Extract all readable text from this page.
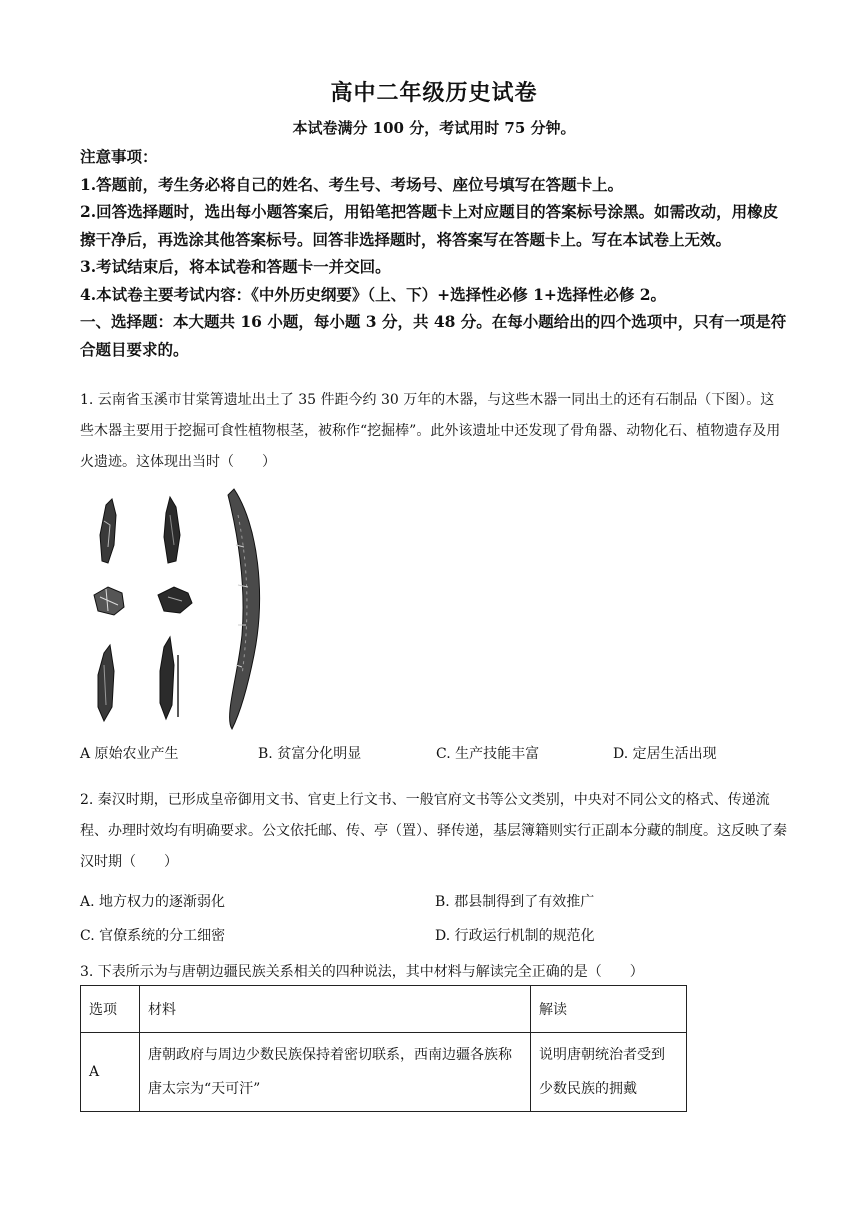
高中二年级历史试卷
本试卷满分 100 分，考试用时 75 分钟。

注意事项：

1.答题前，考生务必将自己的姓名、考生号、考场号、座位号填写在答题卡上。

2.回答选择题时，选出每小题答案后，用铅笔把答题卡上对应题目的答案标号涂黑。如需改动，用橡皮擦干净后，再选涂其他答案标号。回答非选择题时，将答案写在答题卡上。写在本试卷上无效。

3.考试结束后，将本试卷和答题卡一并交回。

4.本试卷主要考试内容：《中外历史纲要》（上、下）+选择性必修 1+选择性必修 2。

一、选择题：本大题共 16 小题，每小题 3 分，共 48 分。在每小题给出的四个选项中，只有一项是符合题目要求的。

1. 云南省玉溪市甘棠箐遗址出土了 35 件距今约 30 万年的木器，与这些木器一同出土的还有石制品（下图）。这些木器主要用于挖掘可食性植物根茎，被称作“挖掘棒”。此外该遗址中还发现了骨角器、动物化石、植物遗存及用火遗迹。这体现出当时（　　）

A 原始农业产生	B. 贫富分化明显	C. 生产技能丰富	D. 定居生活出现

2. 秦汉时期，已形成皇帝御用文书、官吏上行文书、一般官府文书等公文类别，中央对不同公文的格式、传递流程、办理时效均有明确要求。公文依托邮、传、亭（置）、驿传递，基层簿籍则实行正副本分藏的制度。这反映了秦汉时期（　　）

A. 地方权力的逐渐弱化	B. 郡县制得到了有效推广
C. 官僚系统的分工细密	D. 行政运行机制的规范化

3. 下表所示为与唐朝边疆民族关系相关的四种说法，其中材料与解读完全正确的是（　　）

选项	材料	解读
A	唐朝政府与周边少数民族保持着密切联系，西南边疆各族称唐太宗为“天可汗”	说明唐朝统治者受到少数民族的拥戴
